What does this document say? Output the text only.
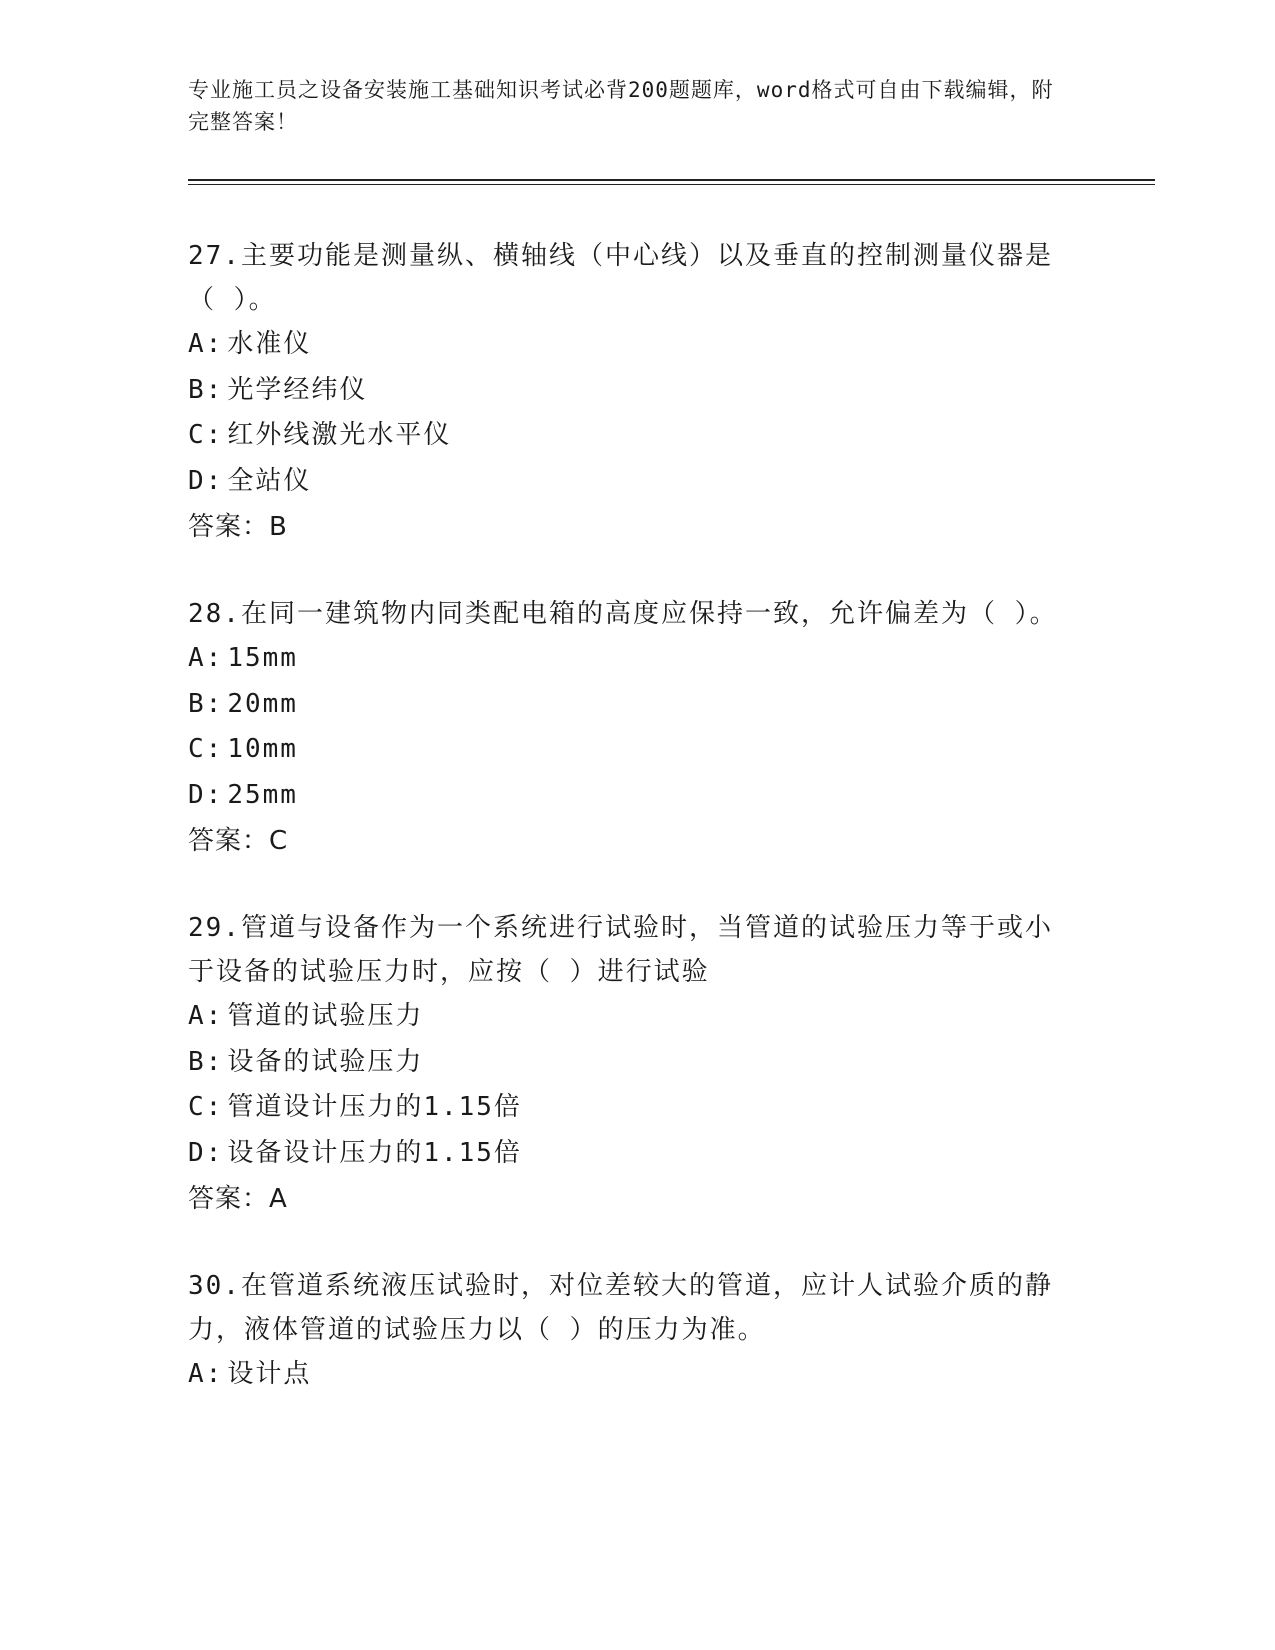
专业施工员之设备安装施工基础知识考试必背200题题库，word格式可自由下载编辑，附完整答案！
27.主要功能是测量纵、横轴线（中心线）以及垂直的控制测量仪器是（ ）。
A: 水准仪
B: 光学经纬仪
C: 红外线激光水平仪
D: 全站仪
答案：B
28.在同一建筑物内同类配电箱的高度应保持一致，允许偏差为（ ）。
A: 15mm
B: 20mm
C: 10mm
D: 25mm
答案：C
29.管道与设备作为一个系统进行试验时，当管道的试验压力等于或小于设备的试验压力时，应按（ ）进行试验
A: 管道的试验压力
B: 设备的试验压力
C: 管道设计压力的1.15倍
D: 设备设计压力的1.15倍
答案：A
30.在管道系统液压试验时，对位差较大的管道，应计人试验介质的静力，液体管道的试验压力以（ ）的压力为准。
A: 设计点
